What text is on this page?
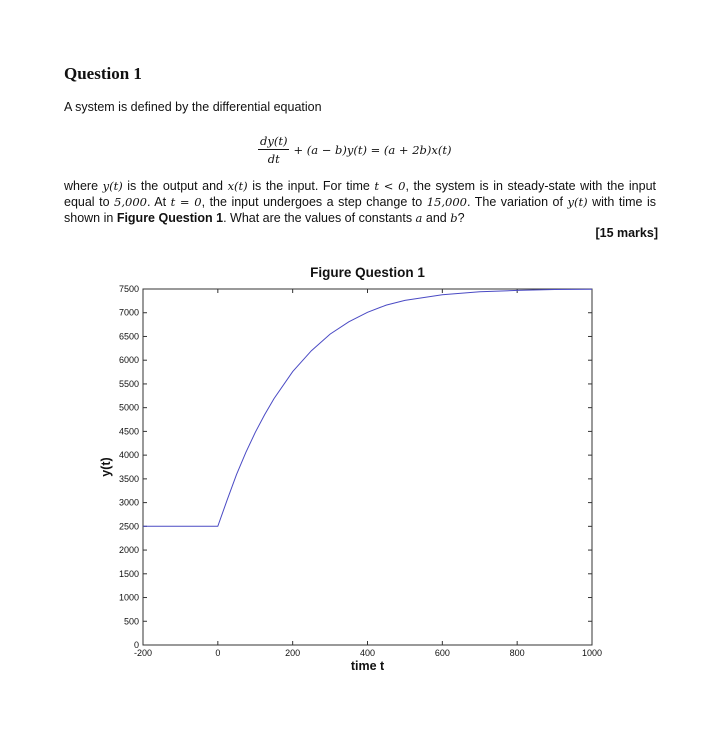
Question 1
A system is defined by the differential equation
$\frac{dy(t)}{dt} + (a - b)y(t) = (a + 2b)x(t)$

where y(t) is the output and x(t) is the input. For time t < 0, the system is in steady-state with the input equal to 5,000. At t = 0, the input undergoes a step change to 15,000. The variation of y(t) with time is shown in Figure Question 1. What are the values of constants a and b?

[15 marks]
Figure Question 1
-200	0	200	400	600	800	1000
0
500
1000
1500
2000
2500
3000
3500
4000
4500
5000
5500
6000
6500
7000
7500
time t
y(t)
